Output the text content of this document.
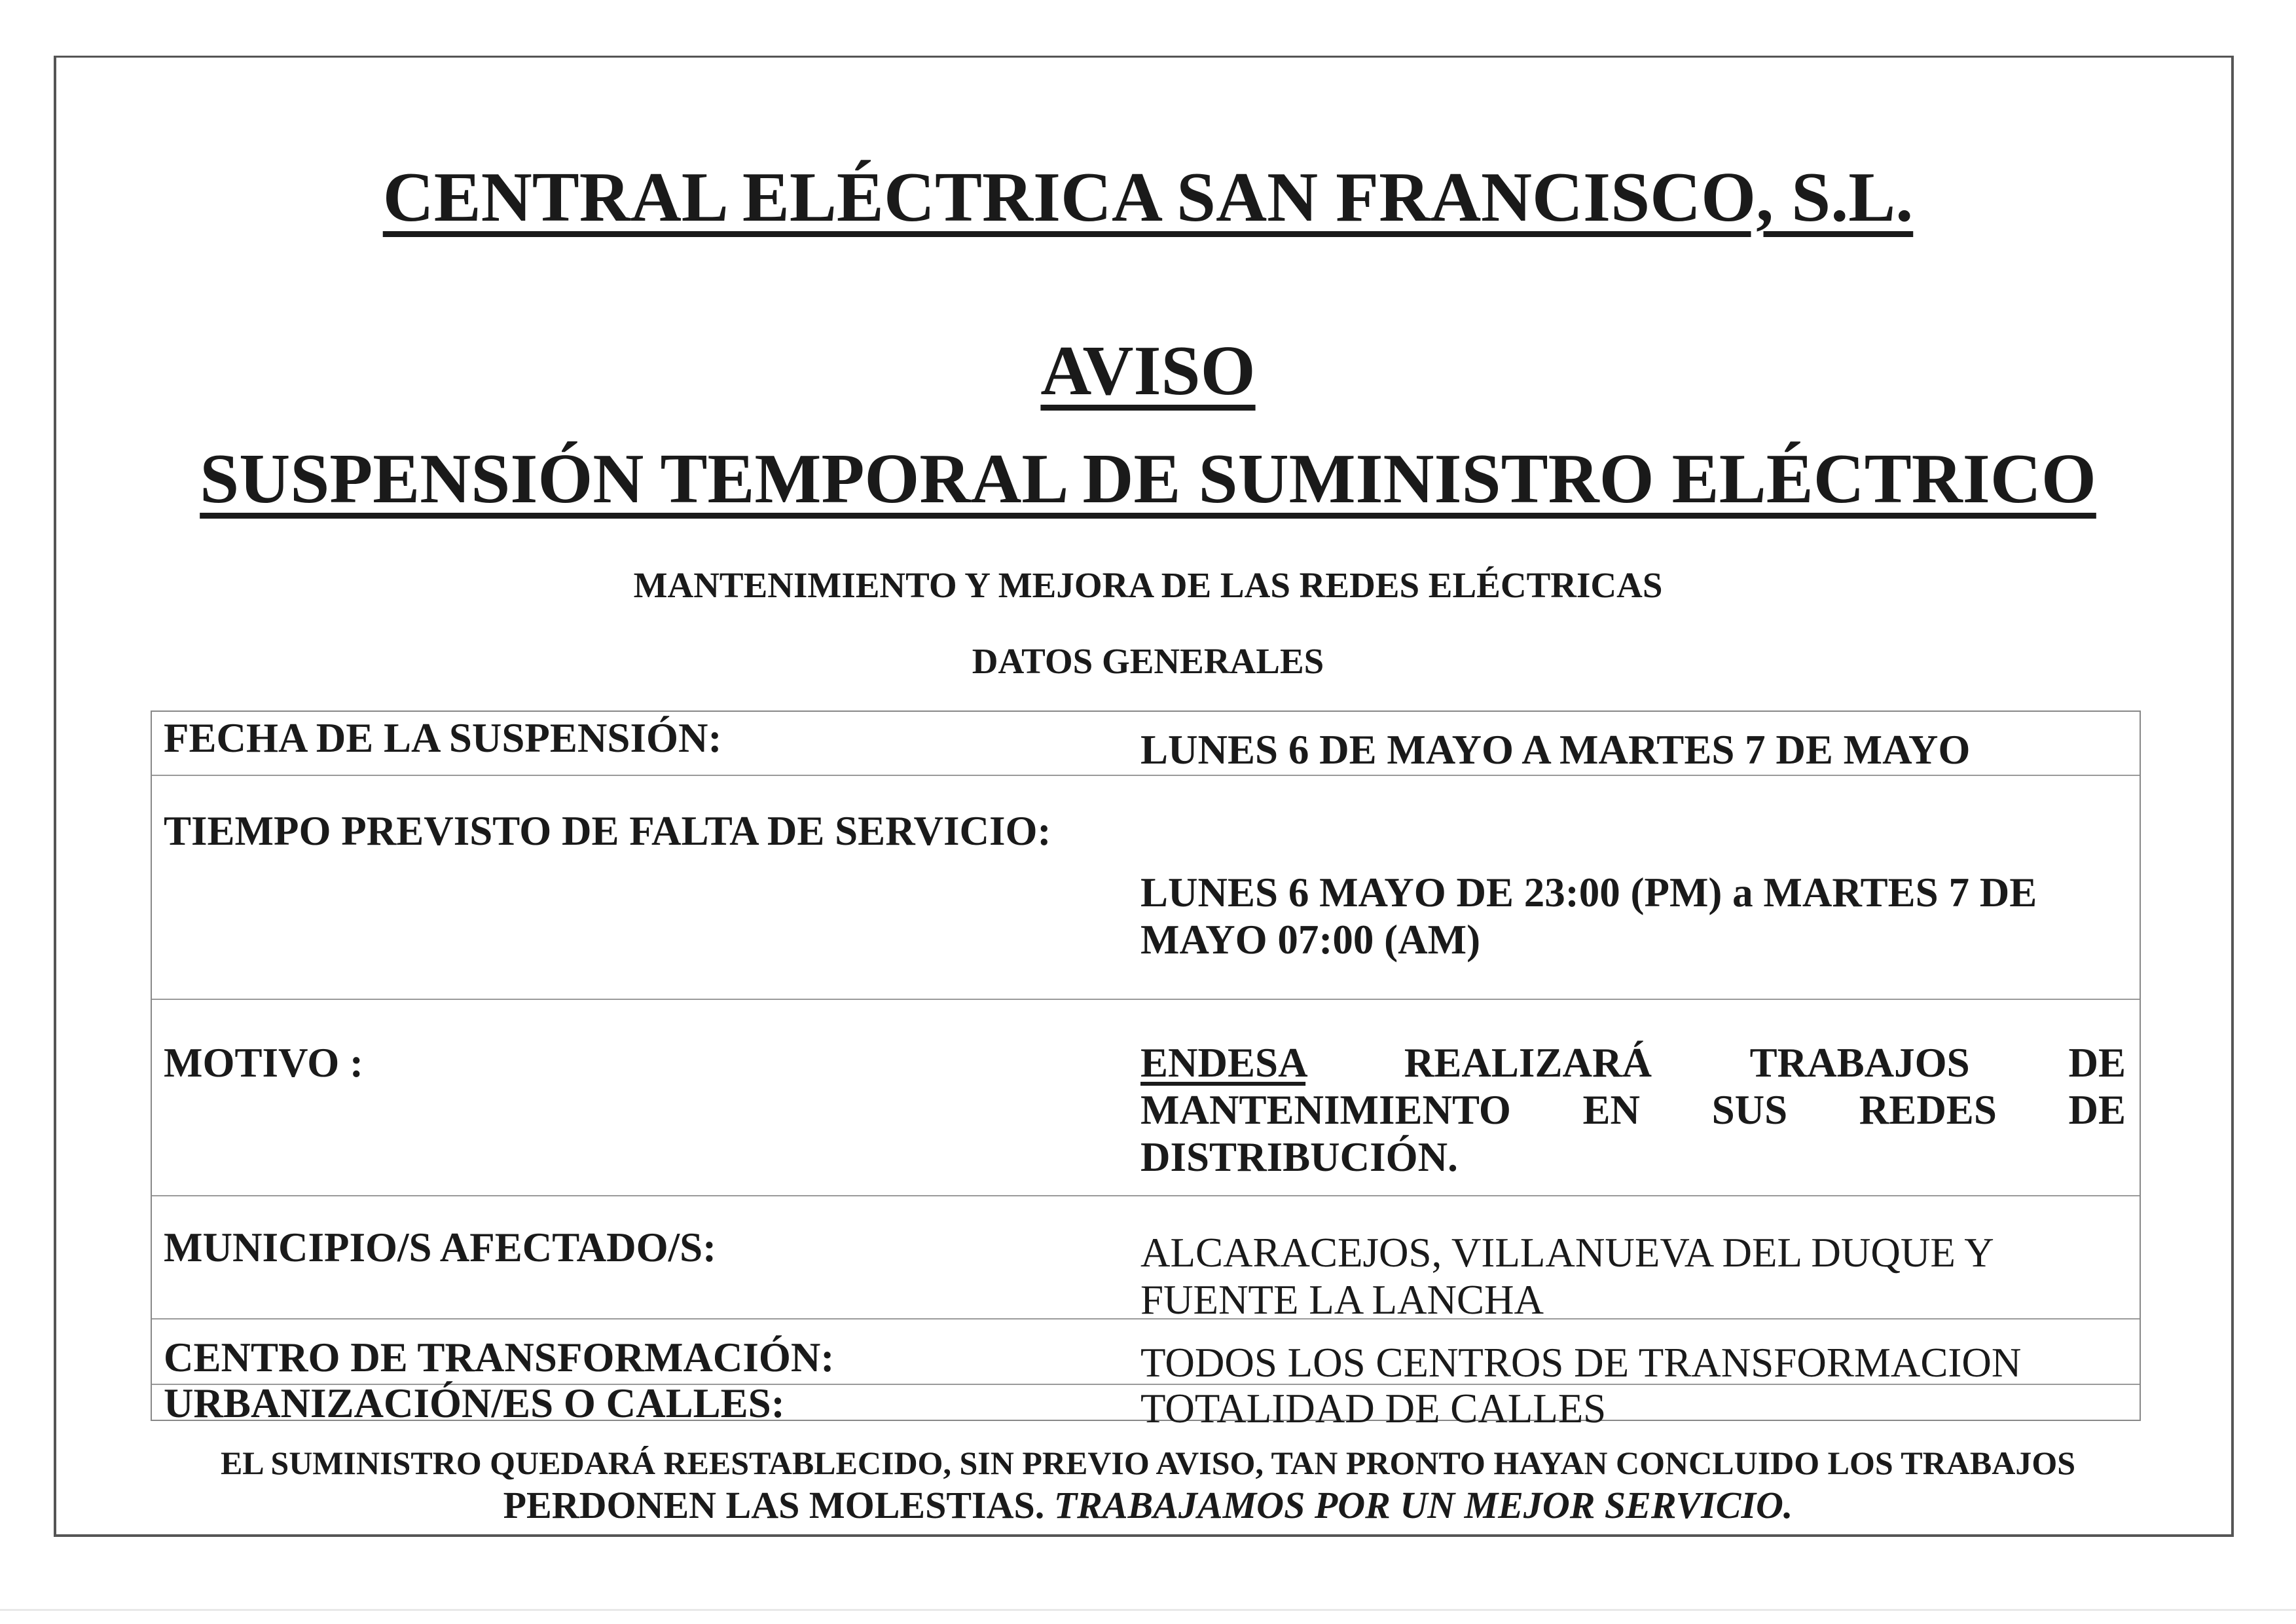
CENTRAL ELÉCTRICA SAN FRANCISCO, S.L.
AVISO
SUSPENSIÓN TEMPORAL DE SUMINISTRO ELÉCTRICO
MANTENIMIENTO Y MEJORA DE LAS REDES ELÉCTRICAS
DATOS GENERALES
FECHA DE LA SUSPENSIÓN:	LUNES 6 DE MAYO A MARTES 7 DE MAYO
TIEMPO PREVISTO DE FALTA DE SERVICIO:
LUNES 6 MAYO DE 23:00 (PM) a MARTES 7 DE MAYO 07:00 (AM)
MOTIVO :	ENDESA REALIZARÁ TRABAJOS DE MANTENIMIENTO EN SUS REDES DE DISTRIBUCIÓN.
MUNICIPIO/S AFECTADO/S:	ALCARACEJOS, VILLANUEVA DEL DUQUE Y FUENTE LA LANCHA
CENTRO DE TRANSFORMACIÓN:	TODOS LOS CENTROS DE TRANSFORMACION
URBANIZACIÓN/ES O CALLES:	TOTALIDAD DE CALLES
EL SUMINISTRO QUEDARÁ REESTABLECIDO, SIN PREVIO AVISO, TAN PRONTO HAYAN CONCLUIDO LOS TRABAJOS
PERDONEN LAS MOLESTIAS. TRABAJAMOS POR UN MEJOR SERVICIO.
